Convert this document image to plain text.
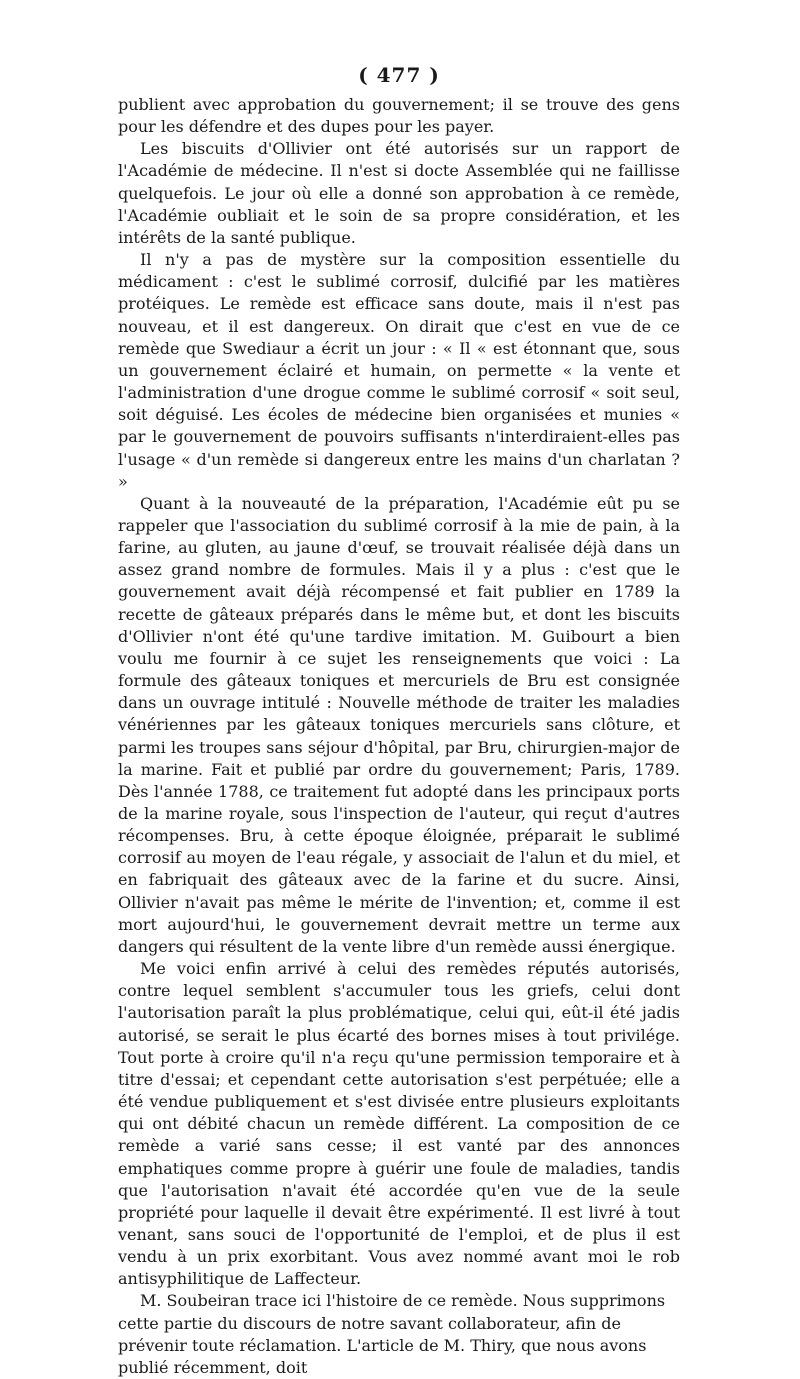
( 477 )

publient avec approbation du gouvernement; il se trouve des gens pour les défendre et des dupes pour les payer.

Les biscuits d'Ollivier ont été autorisés sur un rapport de l'Académie de médecine. Il n'est si docte Assemblée qui ne faillisse quelquefois. Le jour où elle a donné son approbation à ce remède, l'Académie oubliait et le soin de sa propre considération, et les intérêts de la santé publique.

Il n'y a pas de mystère sur la composition essentielle du médicament : c'est le sublimé corrosif, dulcifié par les matières protéiques. Le remède est efficace sans doute, mais il n'est pas nouveau, et il est dangereux. On dirait que c'est en vue de ce remède que Swediaur a écrit un jour : « Il « est étonnant que, sous un gouvernement éclairé et humain, on permette « la vente et l'administration d'une drogue comme le sublimé corrosif « soit seul, soit déguisé. Les écoles de médecine bien organisées et munies « par le gouvernement de pouvoirs suffisants n'interdiraient-elles pas l'usage « d'un remède si dangereux entre les mains d'un charlatan ? »

Quant à la nouveauté de la préparation, l'Académie eût pu se rappeler que l'association du sublimé corrosif à la mie de pain, à la farine, au gluten, au jaune d'œuf, se trouvait réalisée déjà dans un assez grand nombre de formules. Mais il y a plus : c'est que le gouvernement avait déjà récompensé et fait publier en 1789 la recette de gâteaux préparés dans le même but, et dont les biscuits d'Ollivier n'ont été qu'une tardive imitation. M. Guibourt a bien voulu me fournir à ce sujet les renseignements que voici : La formule des gâteaux toniques et mercuriels de Bru est consignée dans un ouvrage intitulé : Nouvelle méthode de traiter les maladies vénériennes par les gâteaux toniques mercuriels sans clôture, et parmi les troupes sans séjour d'hôpital, par Bru, chirurgien-major de la marine. Fait et publié par ordre du gouvernement; Paris, 1789. Dès l'année 1788, ce traitement fut adopté dans les principaux ports de la marine royale, sous l'inspection de l'auteur, qui reçut d'autres récompenses. Bru, à cette époque éloignée, préparait le sublimé corrosif au moyen de l'eau régale, y associait de l'alun et du miel, et en fabriquait des gâteaux avec de la farine et du sucre. Ainsi, Ollivier n'avait pas même le mérite de l'invention; et, comme il est mort aujourd'hui, le gouvernement devrait mettre un terme aux dangers qui résultent de la vente libre d'un remède aussi énergique.

Me voici enfin arrivé à celui des remèdes réputés autorisés, contre lequel semblent s'accumuler tous les griefs, celui dont l'autorisation paraît la plus problématique, celui qui, eût-il été jadis autorisé, se serait le plus écarté des bornes mises à tout privilége. Tout porte à croire qu'il n'a reçu qu'une permission temporaire et à titre d'essai; et cependant cette autorisation s'est perpétuée; elle a été vendue publiquement et s'est divisée entre plusieurs exploitants qui ont débité chacun un remède différent. La composition de ce remède a varié sans cesse; il est vanté par des annonces emphatiques comme propre à guérir une foule de maladies, tandis que l'autorisation n'avait été accordée qu'en vue de la seule propriété pour laquelle il devait être expérimenté. Il est livré à tout venant, sans souci de l'opportunité de l'emploi, et de plus il est vendu à un prix exorbitant. Vous avez nommé avant moi le rob antisyphilitique de Laffecteur.

M. Soubeiran trace ici l'histoire de ce remède. Nous supprimons cette partie du discours de notre savant collaborateur, afin de prévenir toute réclamation. L'article de M. Thiry, que nous avons publié récemment, doit
